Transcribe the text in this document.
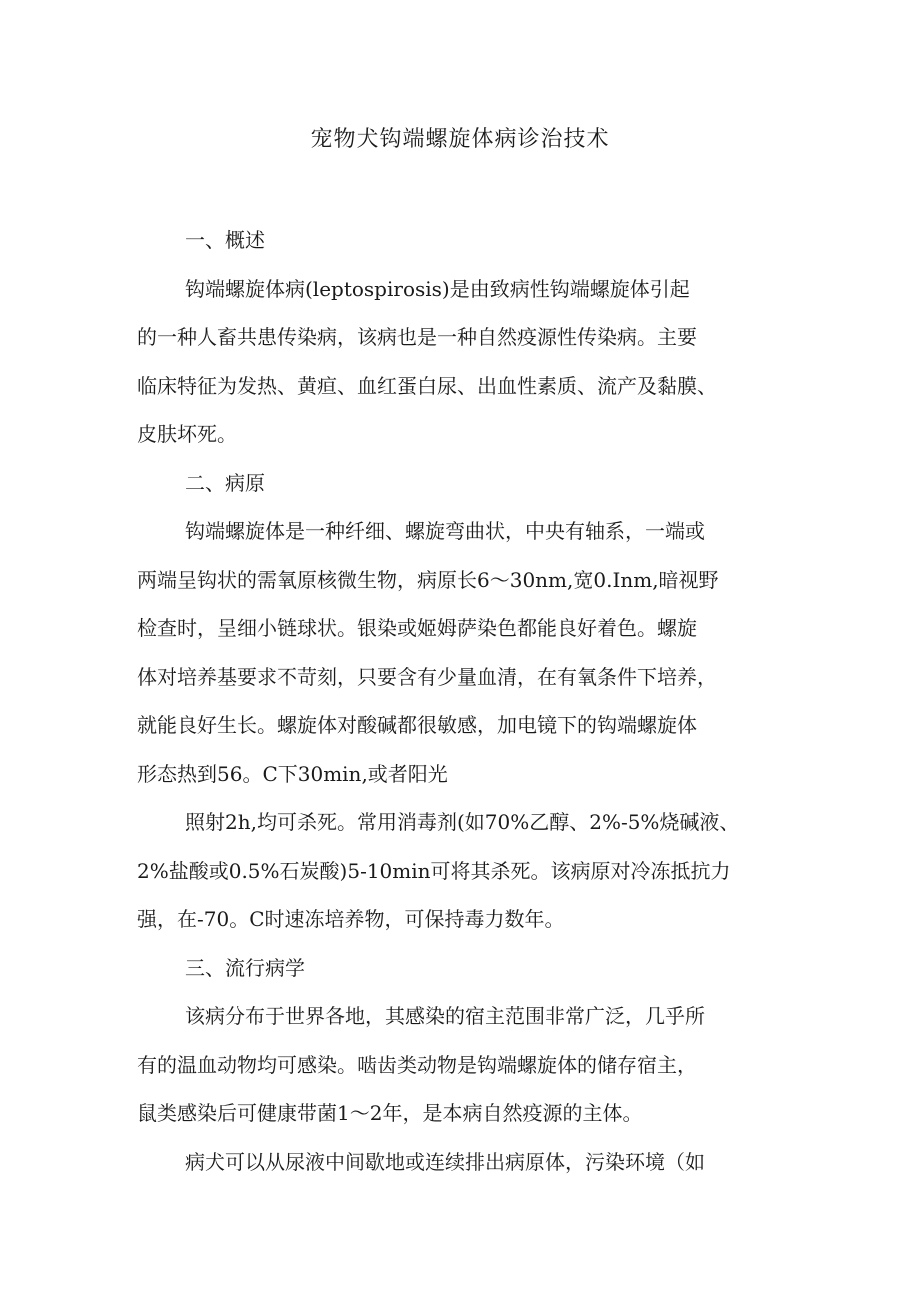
宠物犬钩端螺旋体病诊治技术
一、概述
钩端螺旋体病(leptospirosis)是由致病性钩端螺旋体引起
的一种人畜共患传染病，该病也是一种自然疫源性传染病。主要
临床特征为发热、黄疸、血红蛋白尿、出血性素质、流产及黏膜、
皮肤坏死。
二、病原
钩端螺旋体是一种纤细、螺旋弯曲状，中央有轴系，一端或
两端呈钩状的需氧原核微生物，病原长6～30nm,宽0.Inm,暗视野
检查时，呈细小链球状。银染或姬姆萨染色都能良好着色。螺旋
体对培养基要求不苛刻，只要含有少量血清，在有氧条件下培养，
就能良好生长。螺旋体对酸碱都很敏感，加电镜下的钩端螺旋体
形态热到56。C下30min,或者阳光
照射2h,均可杀死。常用消毒剂(如70%乙醇、2%-5%烧碱液、
2%盐酸或0.5%石炭酸)5-10min可将其杀死。该病原对冷冻抵抗力
强，在-70。C时速冻培养物，可保持毒力数年。
三、流行病学
该病分布于世界各地，其感染的宿主范围非常广泛，几乎所
有的温血动物均可感染。啮齿类动物是钩端螺旋体的储存宿主，
鼠类感染后可健康带菌1～2年，是本病自然疫源的主体。
病犬可以从尿液中间歇地或连续排出病原体，污染环境（如
